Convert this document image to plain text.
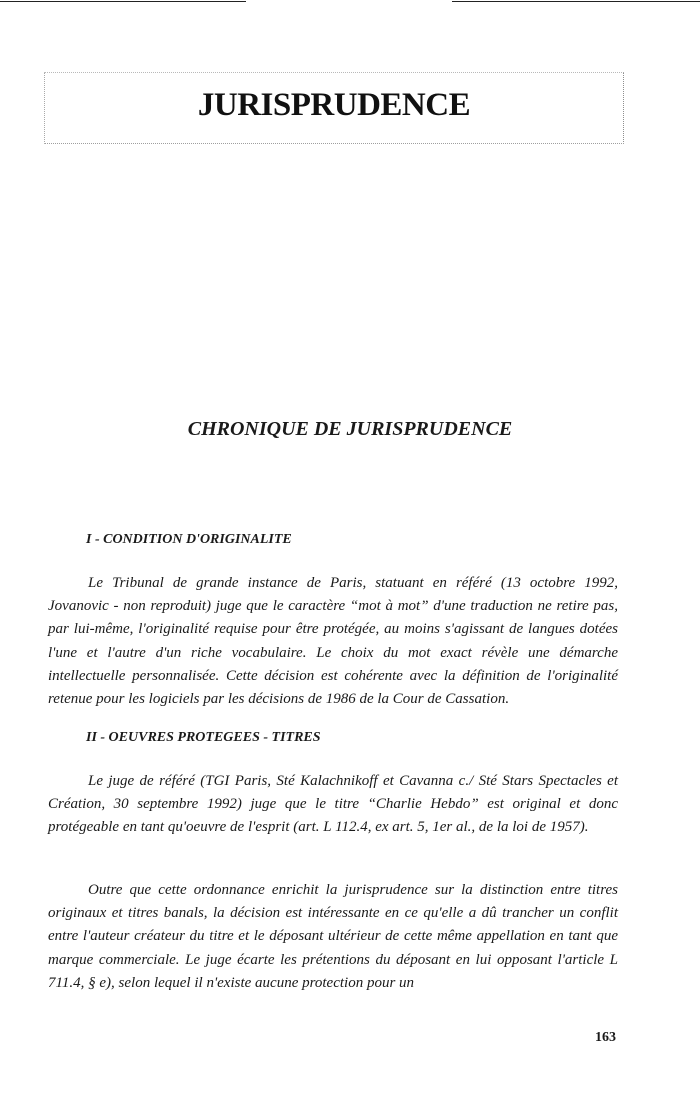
JURISPRUDENCE
CHRONIQUE DE JURISPRUDENCE
I - CONDITION D'ORIGINALITE

Le Tribunal de grande instance de Paris, statuant en référé (13 octobre 1992, Jovanovic - non reproduit) juge que le caractère “mot à mot” d'une traduction ne retire pas, par lui-même, l'originalité requise pour être protégée, au moins s'agissant de langues dotées l'une et l'autre d'un riche vocabulaire. Le choix du mot exact révèle une démarche intellectuelle personnalisée. Cette décision est cohérente avec la définition de l'originalité retenue pour les logiciels par les décisions de 1986 de la Cour de Cassation.

II - OEUVRES PROTEGEES - TITRES

Le juge de référé (TGI Paris, Sté Kalachnikoff et Cavanna c./ Sté Stars Spectacles et Création, 30 septembre 1992) juge que le titre “Charlie Hebdo” est original et donc protégeable en tant qu'oeuvre de l'esprit (art. L 112.4, ex art. 5, 1er al., de la loi de 1957).

Outre que cette ordonnance enrichit la jurisprudence sur la distinction entre titres originaux et titres banals, la décision est intéressante en ce qu'elle a dû trancher un conflit entre l'auteur créateur du titre et le déposant ultérieur de cette même appellation en tant que marque commerciale. Le juge écarte les prétentions du déposant en lui opposant l'article L 711.4, § e), selon lequel il n'existe aucune protection pour un

163
